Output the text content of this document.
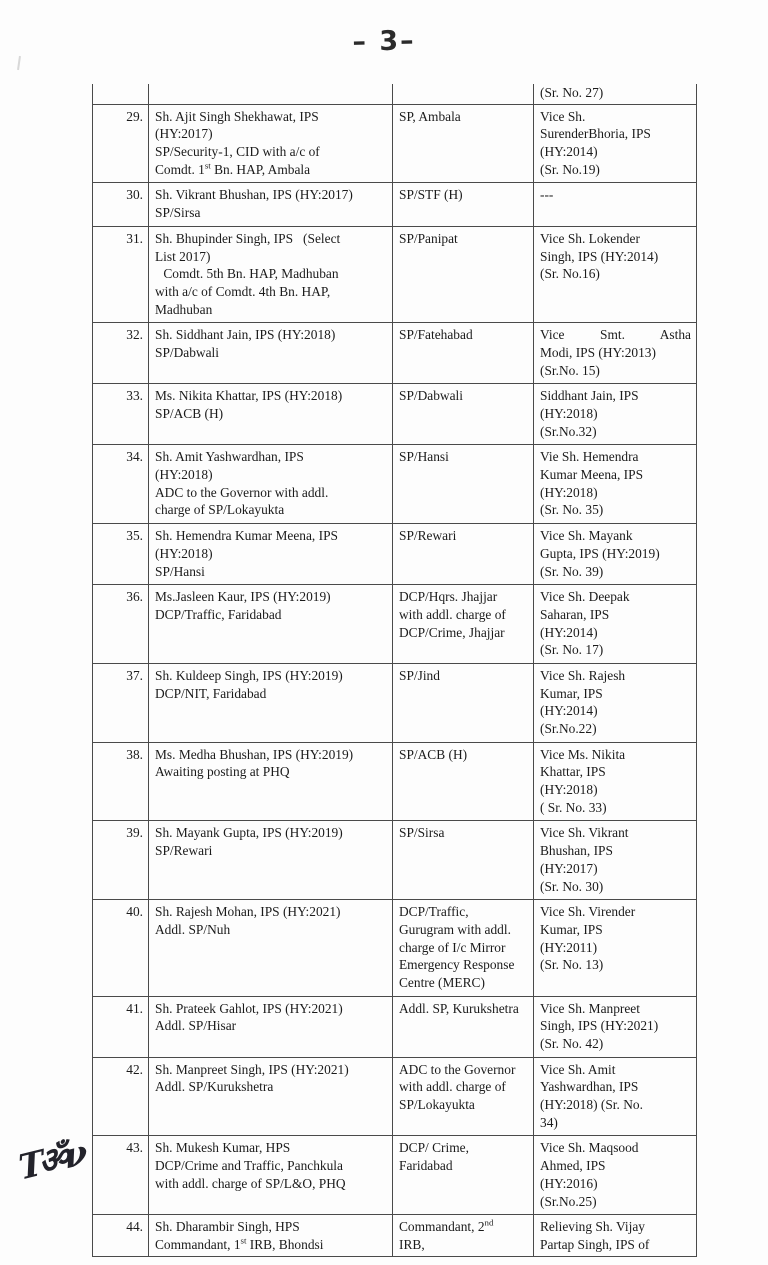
– 3–

			(Sr. No. 27)

29.	Sh. Ajit Singh Shekhawat, IPS
(HY:2017)
SP/Security-1, CID with a/c of
Comdt. 1st Bn. HAP, Ambala	SP, Ambala	Vice Sh.
SurenderBhoria, IPS
(HY:2014)
(Sr. No.19)

30.	Sh. Vikrant Bhushan, IPS (HY:2017)
SP/Sirsa	SP/STF (H)	---

31.	Sh. Bhupinder Singh, IPS   (Select
List 2017)
Comdt. 5th Bn. HAP, Madhuban
with a/c of Comdt. 4th Bn. HAP,
Madhuban	SP/Panipat	Vice Sh. Lokender
Singh, IPS (HY:2014)
(Sr. No.16)

32.	Sh. Siddhant Jain, IPS (HY:2018)
SP/Dabwali	SP/Fatehabad	Vice    Smt.    Astha
Modi, IPS (HY:2013)
(Sr.No. 15)

33.	Ms. Nikita Khattar, IPS (HY:2018)
SP/ACB (H)	SP/Dabwali	Siddhant Jain, IPS
(HY:2018)
(Sr.No.32)

34.	Sh. Amit Yashwardhan, IPS
(HY:2018)
ADC to the Governor with addl.
charge of SP/Lokayukta	SP/Hansi	Vie Sh. Hemendra
Kumar Meena, IPS
(HY:2018)
(Sr. No. 35)

35.	Sh. Hemendra Kumar Meena, IPS
(HY:2018)
SP/Hansi	SP/Rewari	Vice Sh. Mayank
Gupta, IPS (HY:2019)
(Sr. No. 39)

36.	Ms.Jasleen Kaur, IPS (HY:2019)
DCP/Traffic, Faridabad	DCP/Hqrs. Jhajjar
with addl. charge of
DCP/Crime, Jhajjar	Vice Sh. Deepak
Saharan, IPS
(HY:2014)
(Sr. No. 17)

37.	Sh. Kuldeep Singh, IPS (HY:2019)
DCP/NIT, Faridabad	SP/Jind	Vice Sh. Rajesh
Kumar, IPS
(HY:2014)
(Sr.No.22)

38.	Ms. Medha Bhushan, IPS (HY:2019)
Awaiting posting at PHQ	SP/ACB (H)	Vice Ms. Nikita
Khattar, IPS
(HY:2018)
( Sr. No. 33)

39.	Sh. Mayank Gupta, IPS (HY:2019)
SP/Rewari	SP/Sirsa	Vice Sh. Vikrant
Bhushan, IPS
(HY:2017)
(Sr. No. 30)

40.	Sh. Rajesh Mohan, IPS (HY:2021)
Addl. SP/Nuh	DCP/Traffic,
Gurugram with addl.
charge of I/c Mirror
Emergency Response
Centre (MERC)	Vice Sh. Virender
Kumar, IPS
(HY:2011)
(Sr. No. 13)

41.	Sh. Prateek Gahlot, IPS (HY:2021)
Addl. SP/Hisar	Addl. SP, Kurukshetra	Vice Sh. Manpreet
Singh, IPS (HY:2021)
(Sr. No. 42)

42.	Sh. Manpreet Singh, IPS (HY:2021)
Addl. SP/Kurukshetra	ADC to the Governor
with addl. charge of
SP/Lokayukta	Vice Sh. Amit
Yashwardhan, IPS
(HY:2018) (Sr. No.
34)

43.	Sh. Mukesh Kumar, HPS
DCP/Crime and Traffic, Panchkula
with addl. charge of SP/L&O, PHQ	DCP/ Crime,
Faridabad	Vice Sh. Maqsood
Ahmed, IPS
(HY:2016)
(Sr.No.25)

44.	Sh. Dharambir Singh, HPS
Commandant, 1st IRB, Bhondsi	Commandant, 2nd
IRB,	Relieving Sh. Vijay
Partap Singh, IPS of
Tॐν
